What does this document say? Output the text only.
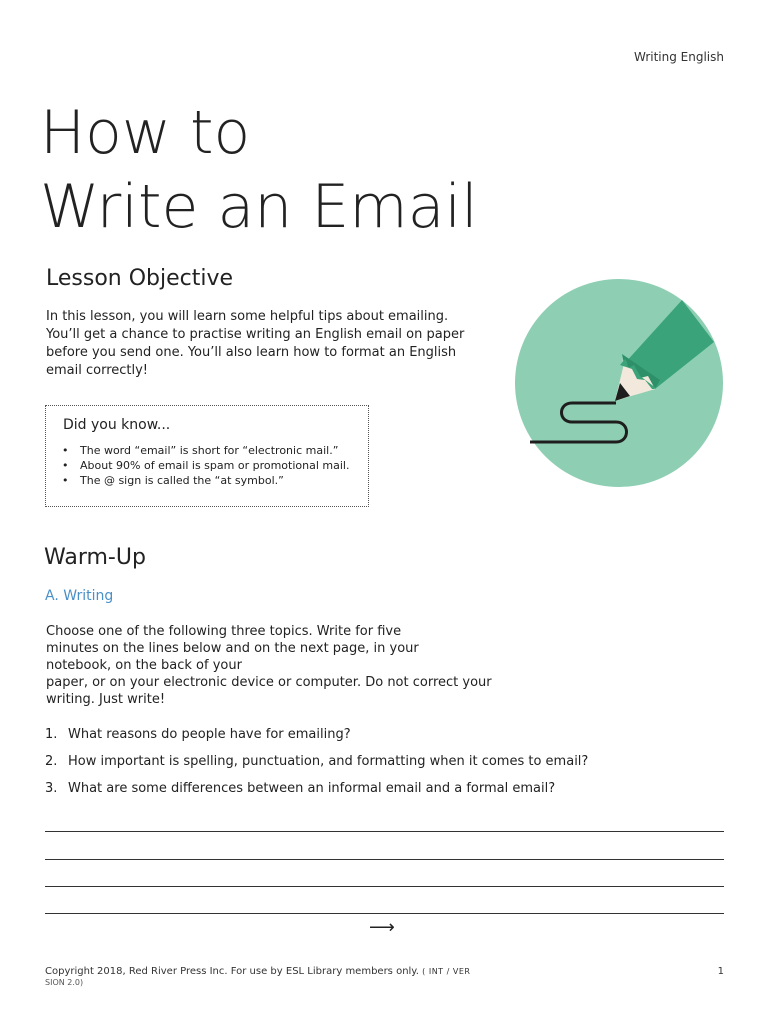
Writing English
How to
Write an Email
Lesson Objective

In this lesson, you will learn some helpful tips about emailing. You’ll get a chance to practise writing an English email on paper before you send one. You’ll also learn how to format an English email correctly!

Did you know...
• The word “email” is short for “electronic mail.”
• About 90% of email is spam or promotional mail.
• The @ sign is called the “at symbol.”
Warm-Up
A. Writing

Choose one of the following three topics. Write for five
minutes on the lines below and on the next page, in your
notebook, on the back of your
paper, or on your electronic device or computer. Do not correct your
writing. Just write!

1. What reasons do people have for emailing?
2. How important is spelling, punctuation, and formatting when it comes to email?
3. What are some differences between an informal email and a formal email?
⟶
Copyright 2018, Red River Press Inc. For use by ESL Library members only. ( INT / VER
SION 2.0)
1
